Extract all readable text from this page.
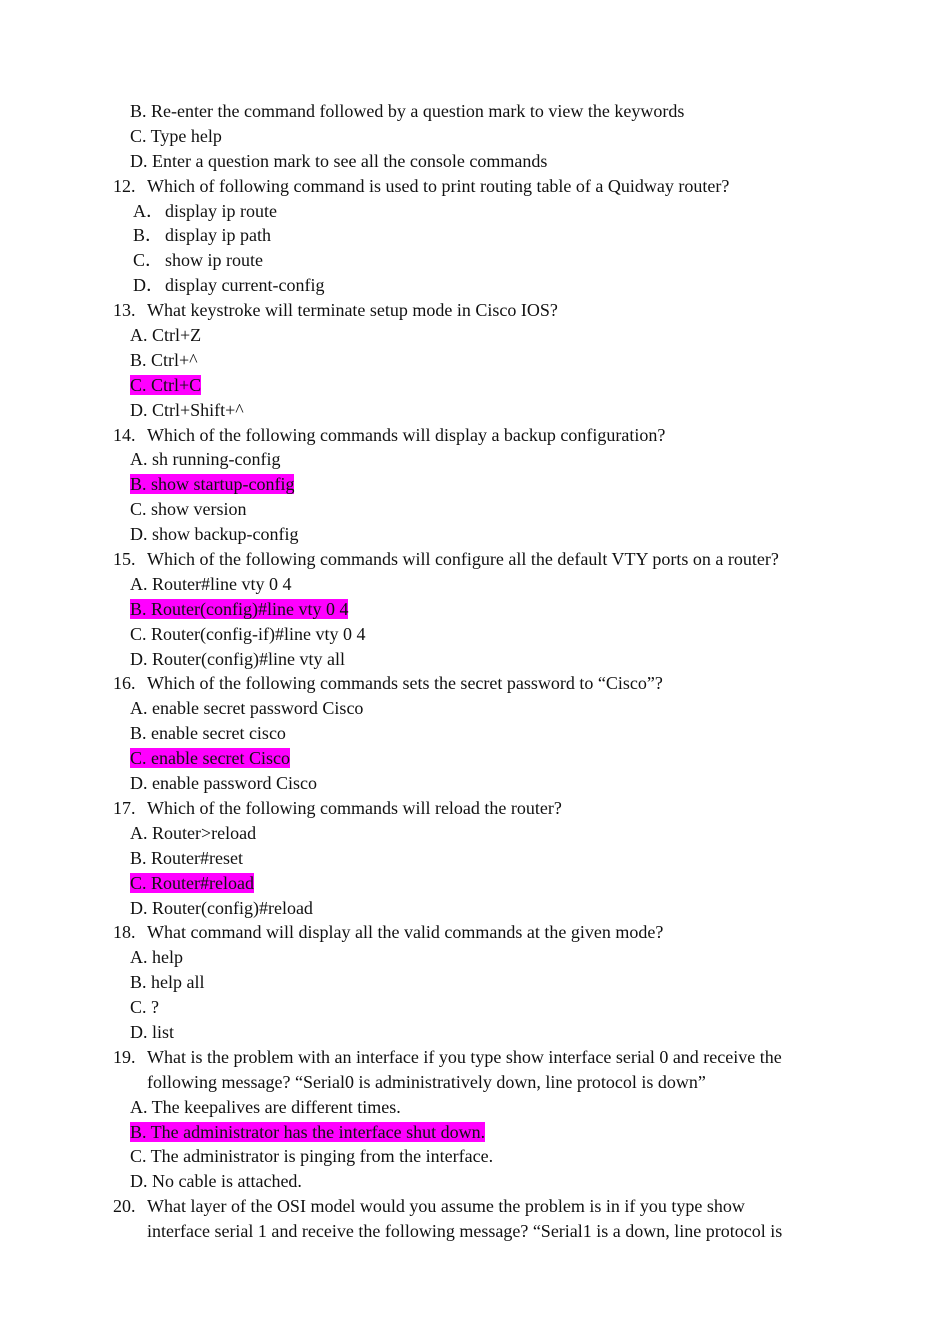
B. Re-enter the command followed by a question mark to view the keywords
C. Type help
D. Enter a question mark to see all the console commands
12. Which of following command is used to print routing table of a Quidway router?
A．display ip route
B． display ip path
C． show ip route
D．display current-config
13. What keystroke will terminate setup mode in Cisco IOS?
A. Ctrl+Z
B. Ctrl+^
C. Ctrl+C
D. Ctrl+Shift+^
14. Which of the following commands will display a backup configuration?
A. sh running-config
B. show startup-config
C. show version
D. show backup-config
15. Which of the following commands will configure all the default VTY ports on a router?
A. Router#line vty 0 4
B. Router(config)#line vty 0 4
C. Router(config-if)#line vty 0 4
D. Router(config)#line vty all
16. Which of the following commands sets the secret password to “Cisco”?
A. enable secret password Cisco
B. enable secret cisco
C. enable secret Cisco
D. enable password Cisco
17. Which of the following commands will reload the router?
A. Router>reload
B. Router#reset
C. Router#reload
D. Router(config)#reload
18. What command will display all the valid commands at the given mode?
A. help
B. help all
C. ?
D. list
19. What is the problem with an interface if you type show interface serial 0 and receive the
following message? “Serial0 is administratively down, line protocol is down”
A. The keepalives are different times.
B. The administrator has the interface shut down.
C. The administrator is pinging from the interface.
D. No cable is attached.
20. What layer of the OSI model would you assume the problem is in if you type show
interface serial 1 and receive the following message? “Serial1 is a down, line protocol is
